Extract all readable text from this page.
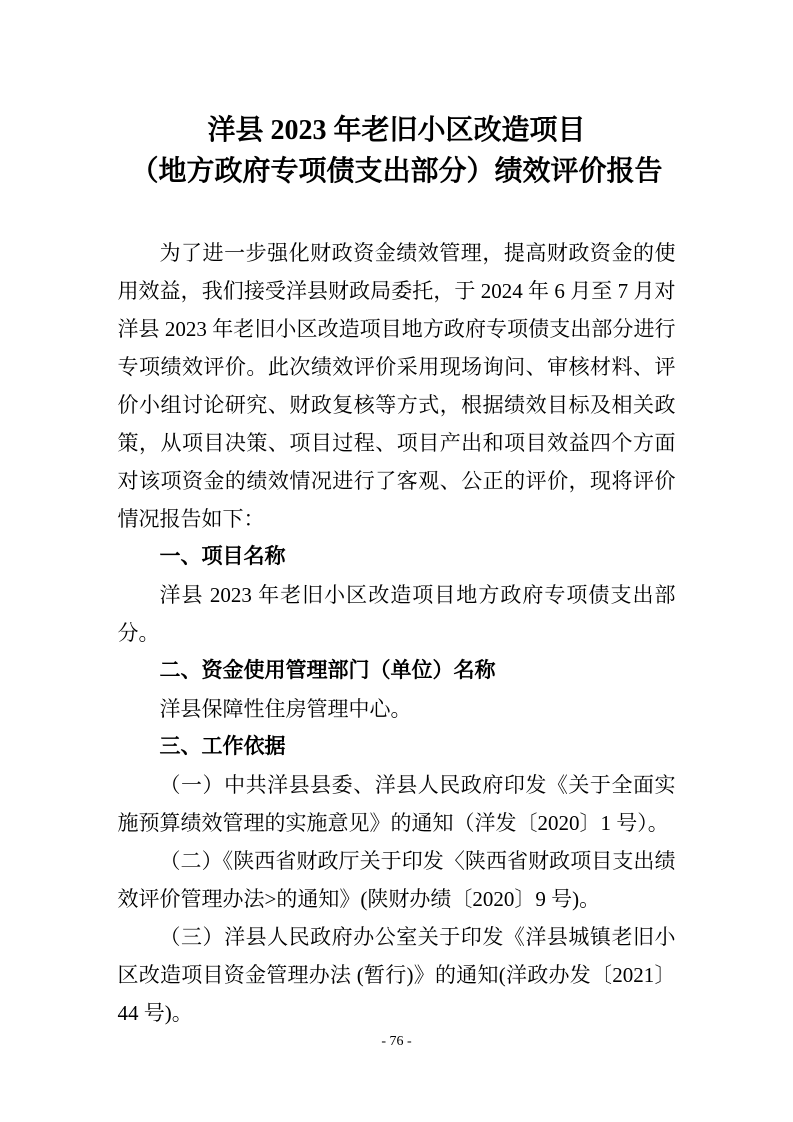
洋县 2023 年老旧小区改造项目
（地方政府专项债支出部分）绩效评价报告

为了进一步强化财政资金绩效管理，提高财政资金的使用效益，我们接受洋县财政局委托，于 2024 年 6 月至 7 月对洋县 2023 年老旧小区改造项目地方政府专项债支出部分进行专项绩效评价。此次绩效评价采用现场询问、审核材料、评价小组讨论研究、财政复核等方式，根据绩效目标及相关政策，从项目决策、项目过程、项目产出和项目效益四个方面对该项资金的绩效情况进行了客观、公正的评价，现将评价情况报告如下：

一、项目名称

洋县 2023 年老旧小区改造项目地方政府专项债支出部分。

二、资金使用管理部门（单位）名称

洋县保障性住房管理中心。

三、工作依据

（一）中共洋县县委、洋县人民政府印发《关于全面实施预算绩效管理的实施意见》的通知（洋发〔2020〕1 号）。

（二）《陕西省财政厅关于印发〈陕西省财政项目支出绩效评价管理办法>的通知》(陕财办绩〔2020〕9 号)。

（三）洋县人民政府办公室关于印发《洋县城镇老旧小区改造项目资金管理办法 (暂行)》的通知(洋政办发〔2021〕44 号)。

- 76 -
